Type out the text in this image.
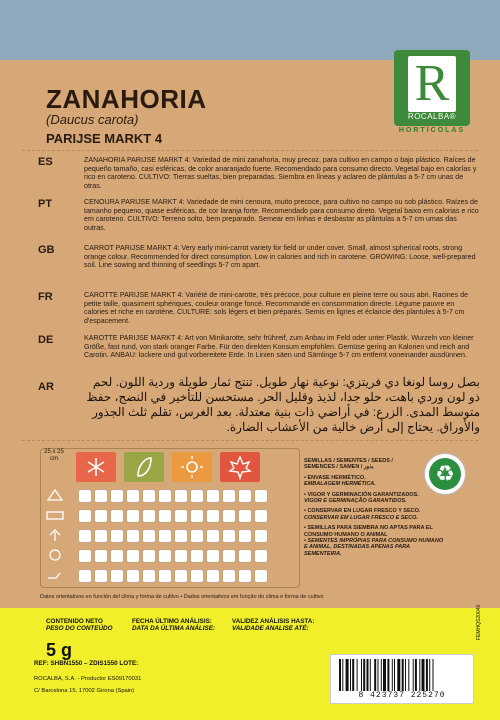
ZANAHORIA
(Daucus carota)
PARIJSE MARKT 4
R
ROCALBA®
HORTÍCOLAS
ES	ZANAHORIA PARIJSE MARKT 4: Variedad de mini zanahoria, muy precoz, para cultivo en campo o bajo plástico. Raíces de pequeño tamaño, casi esféricas, de color anaranjado fuerte. Recomendado para consumo directo. Vegetal bajo en calorías y rico en caroteno. CULTIVO: Tierras sueltas, bien preparadas. Siembra en líneas y aclareo de plántulas a 5-7 cm unas de otras.
PT	CENOURA PARIJSE MARKT 4: Variedade de mini cenoura, muito precoce, para cultivo no campo ou sob plástico. Raízes de tamanho pequeno, quase esféricas, de cor laranja forte. Recomendado para consumo direto. Vegetal baixo em calorias e rico em caroteno. CULTIVO: Terreno solto, bem preparado. Semear em linhas e desbastar as plântulas a 5-7 cm umas das outras.
GB	CARROT PARIJSE MARKT 4: Very early mini-carrot variety for field or under cover. Small, almost spherical roots, strong orange colour. Recommended for direct consumption. Low in calories and rich in carotene. GROWING: Loose, well-prepared soil. Line sowing and thinning of seedlings 5-7 cm apart.
FR	CAROTTE PARIJSE MARKT 4: Variété de mini-carotte, très précoce, pour culture en pleine terre ou sous abri. Racines de petite taille, quasiment sphériques, couleur orange foncé. Recommandé en consommation directe. Légume pauvre en calories et riche en carotène. CULTURE: sols légers et bien préparés. Semis en lignes et éclaircie des plantules à 5-7 cm d'espacement.
DE	KAROTTE PARIJSE MARKT 4: Art von Minikarotte, sehr frühreif, zum Anbau im Feld oder unter Plastik. Wurzeln von kleiner Größe, fast rund, von stark oranger Farbe. Für den direkten Konsum empfohlen. Gemüse gering an Kalorien und reich and Carotin. ANBAU: lockere und gut vorbereitete Erde. In Linien säen und Sämlinge 5-7 cm entfernt voneinander ausdünnen.
AR	بصل روسا لونغا دي فريتزي: نوعية نهار طويل. تنتج ثمار طويلة وردية اللون. لحم ذو لون وردي باهت، حلو جدا، لذيذ وقليل الحر. مستحسن للتأخير في النضج، حفظ متوسط المدى. الزرع: في أراضي ذات بنية معتدلة. بعد الغرس، تقلم ثلث الجذور والأوراق. يحتاج إلى أرض خالية من الأعشاب الضارة.
25 x 25 cm	SEMILLAS / SEMENTES / SEEDS /
SEMENCES / SAMEN / بذور
• ENVASE HERMÉTICO.
EMBALAGEM HERMÉTICA.
• VIGOR Y GERMINACIÓN GARANTIZADOS.
VIGOR E GERMINAÇÃO GARANTIDOS.
• CONSERVAR EN LUGAR FRESCO Y SECO.
CONSERVAR EM LUGAR FRESCO E SECO.
• SEMILLAS PARA SIEMBRA NO APTAS PARA EL CONSUMO HUMANO O ANIMAL
• SEMENTES IMPRÓPIAS PARA CONSUMO HUMANO E ANIMAL, DESTINADAS APENAS PARA SEMENTEIRA.
♻
Datos orientativos en función del clima y forma de cultivo • Dados orientativos em função do clima e forma de cultivo
CONTENIDO NETO
PESO DO CONTEÚDO
5 g
FECHA ÚLTIMO ANÁLISIS:
DATA DA ÚLTIMA ANÁLISE:
VALIDEZ ANÁLISIS HASTA:
VALIDADE ANALISE ATÉ:
REF: SHBN1550 – ZDIS1550 LOTE:
ROCALBA, S.A. - Productor ES09170031
C/ Barcelona 15, 17002 Girona (Spain)	8 423737 225270
FEMHQS20040
